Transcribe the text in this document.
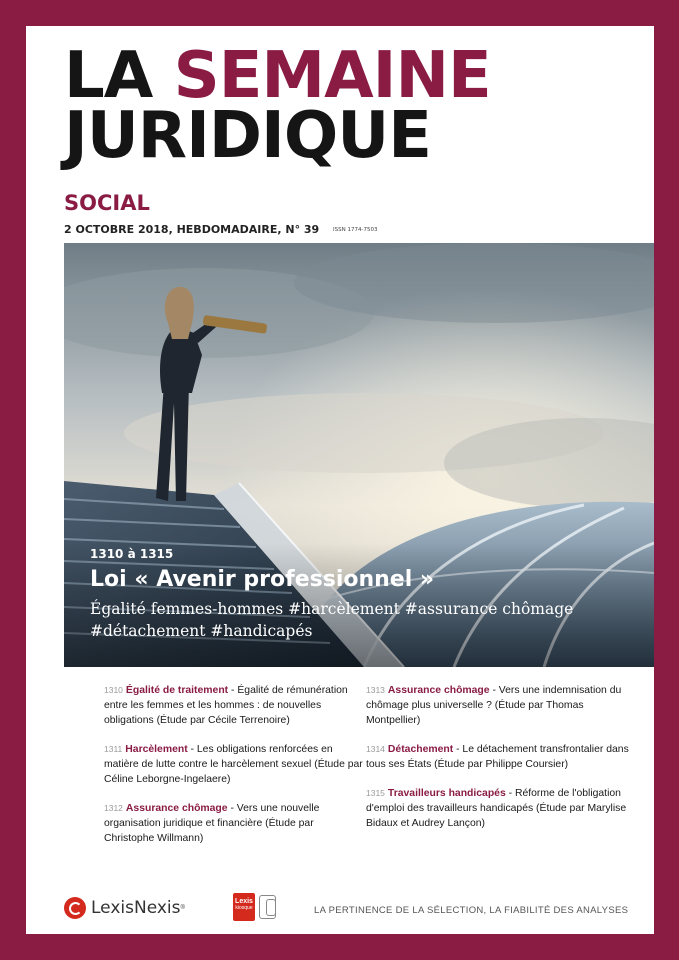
LA SEMAINE
JURIDIQUE
SOCIAL
2 OCTOBRE 2018, HEBDOMADAIRE, N° 39	ISSN 1774-7503
1310 à 1315
Loi « Avenir professionnel »
Égalité femmes-hommes #harcèlement #assurance chômage
#détachement #handicapés
1310 Égalité de traitement - Égalité de rémunération entre les femmes et les hommes : de nouvelles obligations (Étude par Cécile Terrenoire)
1311 Harcèlement - Les obligations renforcées en matière de lutte contre le harcèlement sexuel (Étude par Céline Leborgne-Ingelaere)
1312 Assurance chômage - Vers une nouvelle organisation juridique et financière (Étude par Christophe Willmann)
1313 Assurance chômage - Vers une indemnisation du chômage plus universelle ? (Étude par Thomas Montpellier)
1314 Détachement - Le détachement transfrontalier dans tous ses États (Étude par Philippe Coursier)
1315 Travailleurs handicapés - Réforme de l'obligation d'emploi des travailleurs handicapés (Étude par Marylise Bidaux et Audrey Lançon)
LexisNexis ®
Lexis
kiosque	LA PERTINENCE DE LA SÉLECTION, LA FIABILITÉ DES ANALYSES
